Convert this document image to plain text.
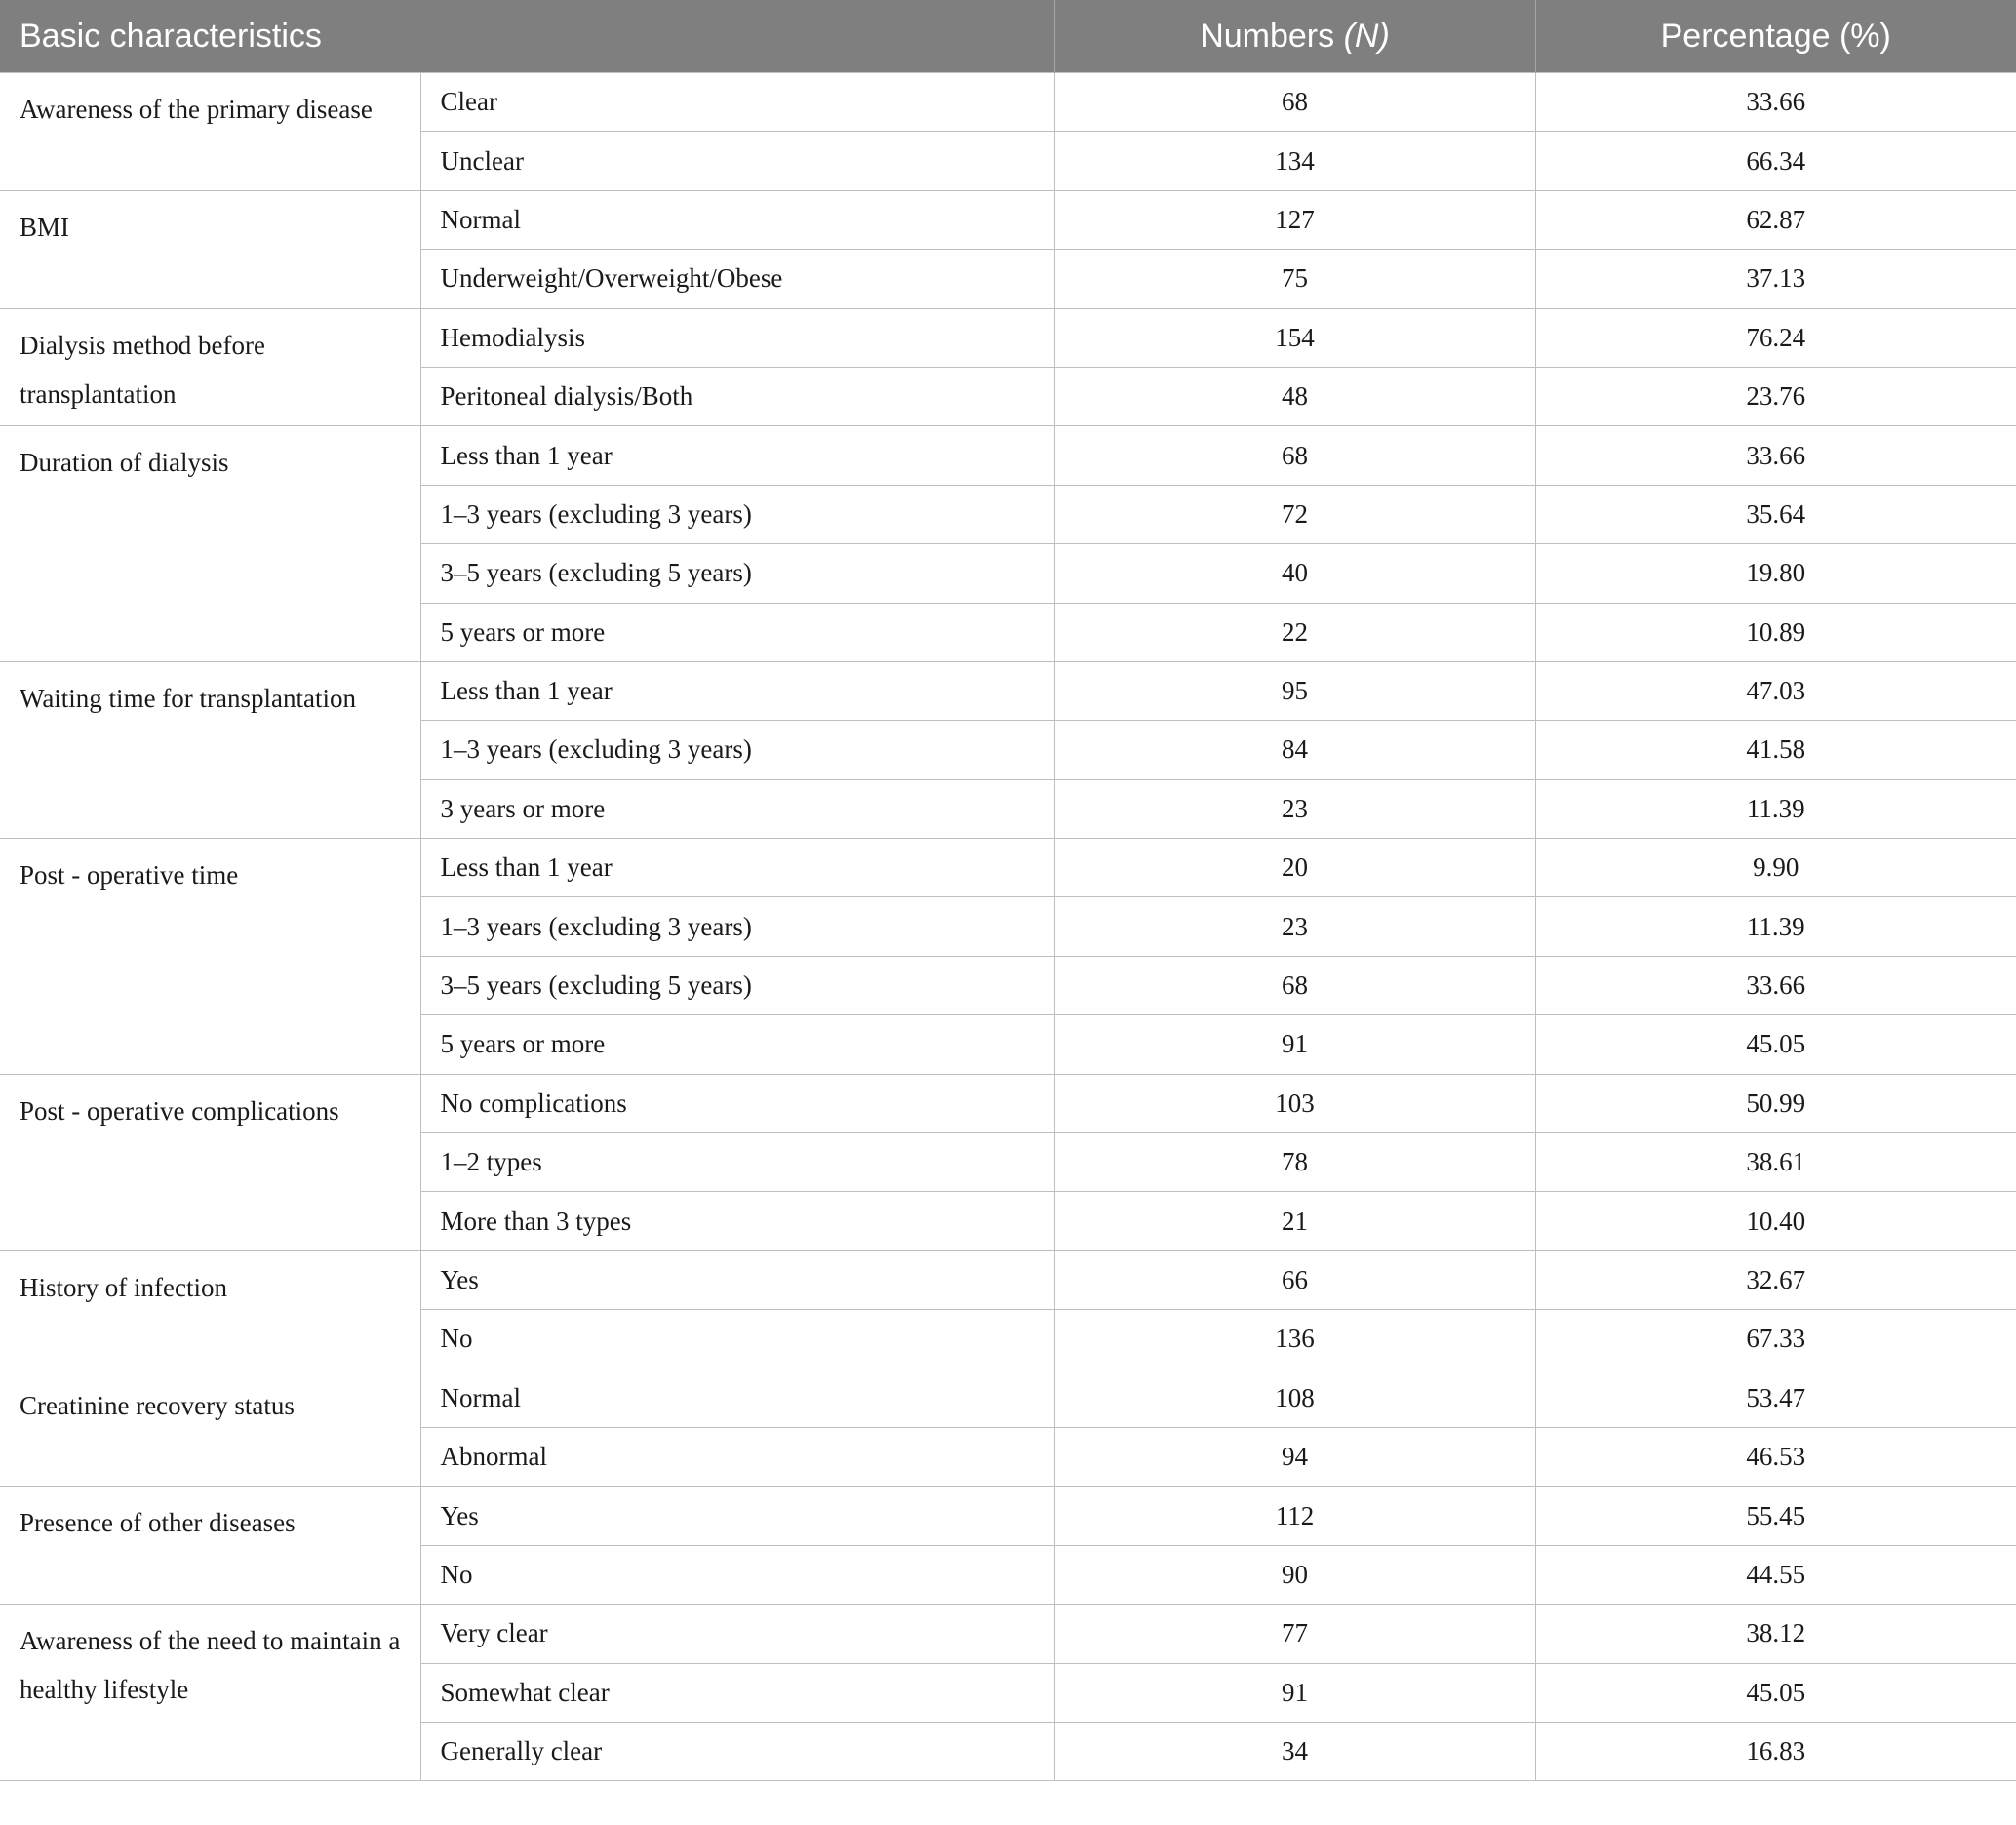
Basic characteristics		Numbers (N)	Percentage (%)
Awareness of the primary disease	Clear	68	33.66
	Unclear	134	66.34
BMI	Normal	127	62.87
	Underweight/Overweight/Obese	75	37.13
Dialysis method before transplantation	Hemodialysis	154	76.24
	Peritoneal dialysis/Both	48	23.76
Duration of dialysis	Less than 1 year	68	33.66
	1–3 years (excluding 3 years)	72	35.64
	3–5 years (excluding 5 years)	40	19.80
	5 years or more	22	10.89
Waiting time for transplantation	Less than 1 year	95	47.03
	1–3 years (excluding 3 years)	84	41.58
	3 years or more	23	11.39
Post - operative time	Less than 1 year	20	9.90
	1–3 years (excluding 3 years)	23	11.39
	3–5 years (excluding 5 years)	68	33.66
	5 years or more	91	45.05
Post - operative complications	No complications	103	50.99
	1–2 types	78	38.61
	More than 3 types	21	10.40
History of infection	Yes	66	32.67
	No	136	67.33
Creatinine recovery status	Normal	108	53.47
	Abnormal	94	46.53
Presence of other diseases	Yes	112	55.45
	No	90	44.55
Awareness of the need to maintain a healthy lifestyle	Very clear	77	38.12
	Somewhat clear	91	45.05
	Generally clear	34	16.83
